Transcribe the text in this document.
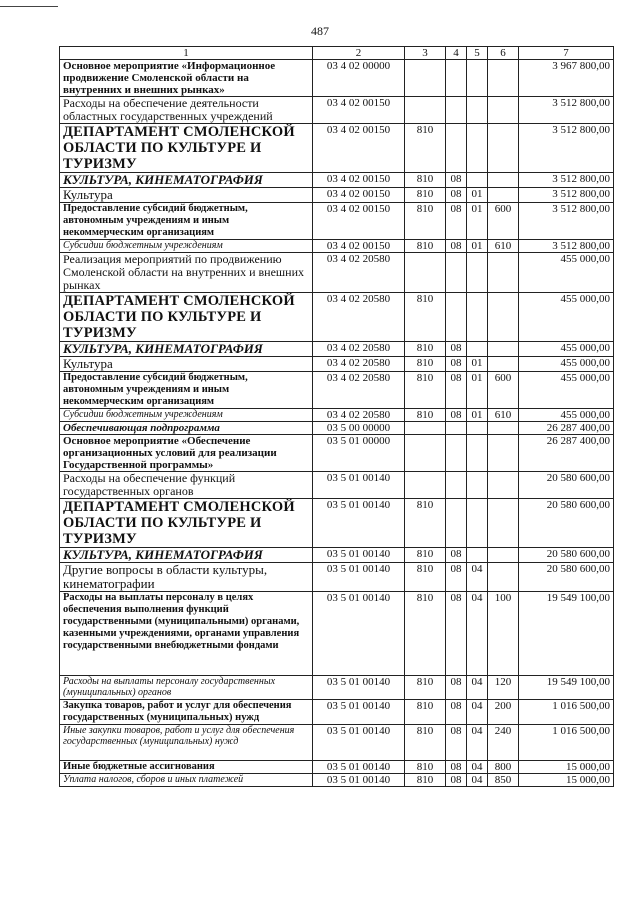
487
1	2	3	4	5	6	7
Основное мероприятие «Информационное продвижение Смоленской области на внутренних и внешних рынках»	03 4 02 00000					3 967 800,00
Расходы на обеспечение деятельности областных государственных учреждений	03 4 02 00150					3 512 800,00
ДЕПАРТАМЕНТ СМОЛЕНСКОЙ ОБЛАСТИ ПО КУЛЬТУРЕ И ТУРИЗМУ	03 4 02 00150	810				3 512 800,00
КУЛЬТУРА, КИНЕМАТОГРАФИЯ	03 4 02 00150	810	08			3 512 800,00
Культура	03 4 02 00150	810	08	01		3 512 800,00
Предоставление субсидий бюджетным, автономным учреждениям и иным некоммерческим организациям	03 4 02 00150	810	08	01	600	3 512 800,00
Субсидии бюджетным учреждениям	03 4 02 00150	810	08	01	610	3 512 800,00
Реализация мероприятий по продвижению Смоленской области на внутренних и внешних рынках	03 4 02 20580					455 000,00
ДЕПАРТАМЕНТ СМОЛЕНСКОЙ ОБЛАСТИ ПО КУЛЬТУРЕ И ТУРИЗМУ	03 4 02 20580	810				455 000,00
КУЛЬТУРА, КИНЕМАТОГРАФИЯ	03 4 02 20580	810	08			455 000,00
Культура	03 4 02 20580	810	08	01		455 000,00
Предоставление субсидий бюджетным, автономным учреждениям и иным некоммерческим организациям	03 4 02 20580	810	08	01	600	455 000,00
Субсидии бюджетным учреждениям	03 4 02 20580	810	08	01	610	455 000,00
Обеспечивающая подпрограмма	03 5 00 00000					26 287 400,00
Основное мероприятие «Обеспечение организационных условий для реализации Государственной программы»	03 5 01 00000					26 287 400,00
Расходы на обеспечение функций государственных органов	03 5 01 00140					20 580 600,00
ДЕПАРТАМЕНТ СМОЛЕНСКОЙ ОБЛАСТИ ПО КУЛЬТУРЕ И ТУРИЗМУ	03 5 01 00140	810				20 580 600,00
КУЛЬТУРА, КИНЕМАТОГРАФИЯ	03 5 01 00140	810	08			20 580 600,00
Другие вопросы в области культуры, кинематографии	03 5 01 00140	810	08	04		20 580 600,00
Расходы на выплаты персоналу в целях обеспечения выполнения функций государственными (муниципальными) органами, казенными учреждениями, органами управления государственными внебюджетными фондами	03 5 01 00140	810	08	04	100	19 549 100,00
Расходы на выплаты персоналу государственных (муниципальных) органов	03 5 01 00140	810	08	04	120	19 549 100,00
Закупка товаров, работ и услуг для обеспечения государственных (муниципальных) нужд	03 5 01 00140	810	08	04	200	1 016 500,00
Иные закупки товаров, работ и услуг для обеспечения государственных (муниципальных) нужд	03 5 01 00140	810	08	04	240	1 016 500,00
Иные бюджетные ассигнования	03 5 01 00140	810	08	04	800	15 000,00
Уплата налогов, сборов и иных платежей	03 5 01 00140	810	08	04	850	15 000,00
